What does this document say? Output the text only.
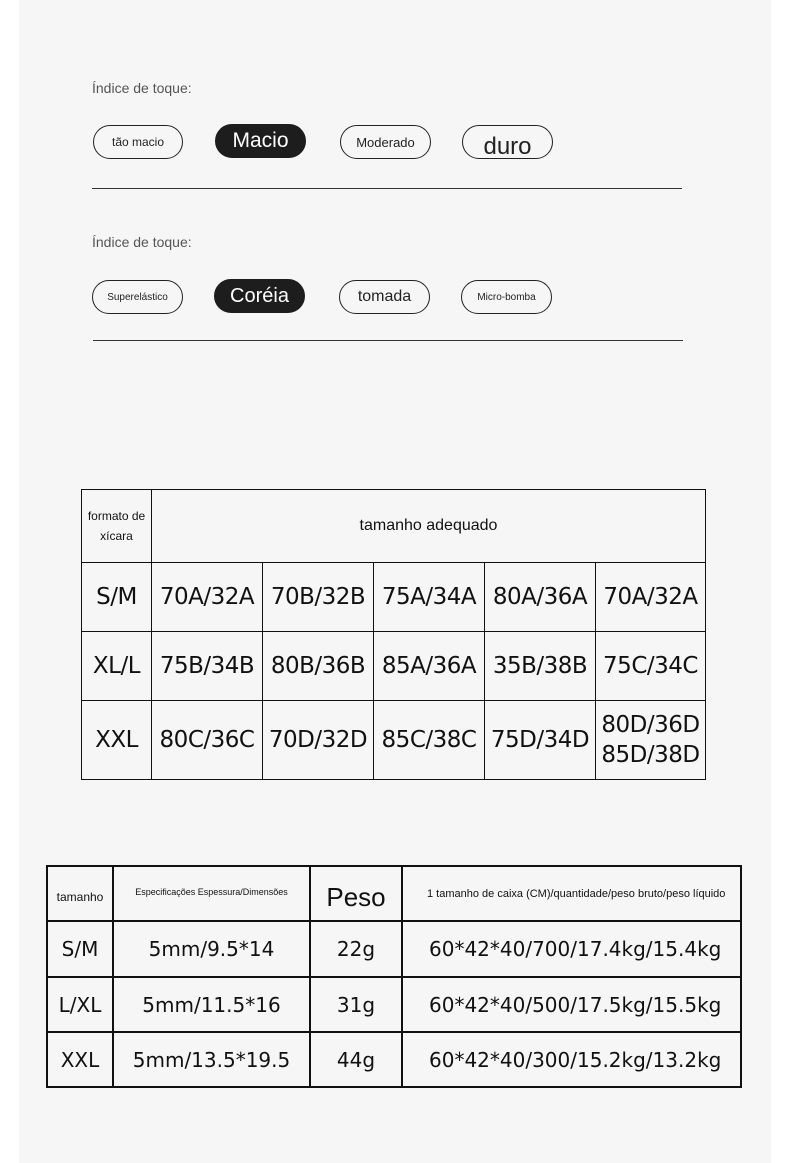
Índice de toque:
tão macio	Macio	Moderado	duro
Índice de toque:
Superelástico	Coréia	tomada	Micro-bomba
formato de xícara
tamanho adequado
S/M	70A/32A 70B/32B 75A/34A 80A/36A 70A/32A
XL/L 75B/34B 80B/36B 85A/36A 35B/38B 75C/34C
XXL 80C/36C 70D/32D 85C/38C 75D/34D
80D/36D
85D/38D
tamanho	Especificações Espessura/Dimensões	Peso	1 tamanho de caixa (CM)/quantidade/peso bruto/peso líquido
S/M	5mm/9.5*14	22g	60*42*40/700/17.4kg/15.4kg
L/XL	5mm/11.5*16	31g	60*42*40/500/17.5kg/15.5kg
XXL	5mm/13.5*19.5	44g	60*42*40/300/15.2kg/13.2kg
